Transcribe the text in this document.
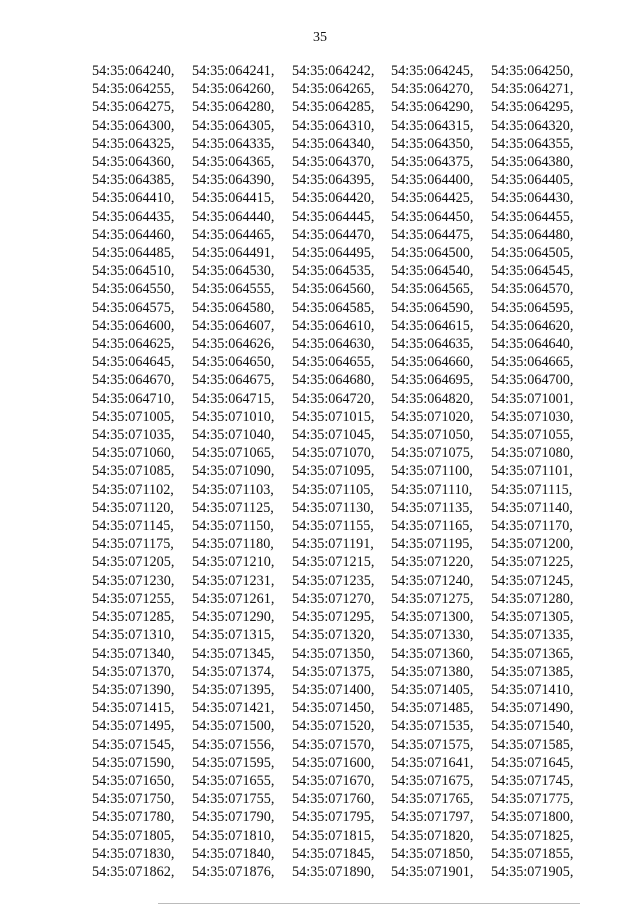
35
54:35:064240,	54:35:064241,	54:35:064242,	54:35:064245,	54:35:064250,
54:35:064255,	54:35:064260,	54:35:064265,	54:35:064270,	54:35:064271,
54:35:064275,	54:35:064280,	54:35:064285,	54:35:064290,	54:35:064295,
54:35:064300,	54:35:064305,	54:35:064310,	54:35:064315,	54:35:064320,
54:35:064325,	54:35:064335,	54:35:064340,	54:35:064350,	54:35:064355,
54:35:064360,	54:35:064365,	54:35:064370,	54:35:064375,	54:35:064380,
54:35:064385,	54:35:064390,	54:35:064395,	54:35:064400,	54:35:064405,
54:35:064410,	54:35:064415,	54:35:064420,	54:35:064425,	54:35:064430,
54:35:064435,	54:35:064440,	54:35:064445,	54:35:064450,	54:35:064455,
54:35:064460,	54:35:064465,	54:35:064470,	54:35:064475,	54:35:064480,
54:35:064485,	54:35:064491,	54:35:064495,	54:35:064500,	54:35:064505,
54:35:064510,	54:35:064530,	54:35:064535,	54:35:064540,	54:35:064545,
54:35:064550,	54:35:064555,	54:35:064560,	54:35:064565,	54:35:064570,
54:35:064575,	54:35:064580,	54:35:064585,	54:35:064590,	54:35:064595,
54:35:064600,	54:35:064607,	54:35:064610,	54:35:064615,	54:35:064620,
54:35:064625,	54:35:064626,	54:35:064630,	54:35:064635,	54:35:064640,
54:35:064645,	54:35:064650,	54:35:064655,	54:35:064660,	54:35:064665,
54:35:064670,	54:35:064675,	54:35:064680,	54:35:064695,	54:35:064700,
54:35:064710,	54:35:064715,	54:35:064720,	54:35:064820,	54:35:071001,
54:35:071005,	54:35:071010,	54:35:071015,	54:35:071020,	54:35:071030,
54:35:071035,	54:35:071040,	54:35:071045,	54:35:071050,	54:35:071055,
54:35:071060,	54:35:071065,	54:35:071070,	54:35:071075,	54:35:071080,
54:35:071085,	54:35:071090,	54:35:071095,	54:35:071100,	54:35:071101,
54:35:071102,	54:35:071103,	54:35:071105,	54:35:071110,	54:35:071115,
54:35:071120,	54:35:071125,	54:35:071130,	54:35:071135,	54:35:071140,
54:35:071145,	54:35:071150,	54:35:071155,	54:35:071165,	54:35:071170,
54:35:071175,	54:35:071180,	54:35:071191,	54:35:071195,	54:35:071200,
54:35:071205,	54:35:071210,	54:35:071215,	54:35:071220,	54:35:071225,
54:35:071230,	54:35:071231,	54:35:071235,	54:35:071240,	54:35:071245,
54:35:071255,	54:35:071261,	54:35:071270,	54:35:071275,	54:35:071280,
54:35:071285,	54:35:071290,	54:35:071295,	54:35:071300,	54:35:071305,
54:35:071310,	54:35:071315,	54:35:071320,	54:35:071330,	54:35:071335,
54:35:071340,	54:35:071345,	54:35:071350,	54:35:071360,	54:35:071365,
54:35:071370,	54:35:071374,	54:35:071375,	54:35:071380,	54:35:071385,
54:35:071390,	54:35:071395,	54:35:071400,	54:35:071405,	54:35:071410,
54:35:071415,	54:35:071421,	54:35:071450,	54:35:071485,	54:35:071490,
54:35:071495,	54:35:071500,	54:35:071520,	54:35:071535,	54:35:071540,
54:35:071545,	54:35:071556,	54:35:071570,	54:35:071575,	54:35:071585,
54:35:071590,	54:35:071595,	54:35:071600,	54:35:071641,	54:35:071645,
54:35:071650,	54:35:071655,	54:35:071670,	54:35:071675,	54:35:071745,
54:35:071750,	54:35:071755,	54:35:071760,	54:35:071765,	54:35:071775,
54:35:071780,	54:35:071790,	54:35:071795,	54:35:071797,	54:35:071800,
54:35:071805,	54:35:071810,	54:35:071815,	54:35:071820,	54:35:071825,
54:35:071830,	54:35:071840,	54:35:071845,	54:35:071850,	54:35:071855,
54:35:071862,	54:35:071876,	54:35:071890,	54:35:071901,	54:35:071905,
